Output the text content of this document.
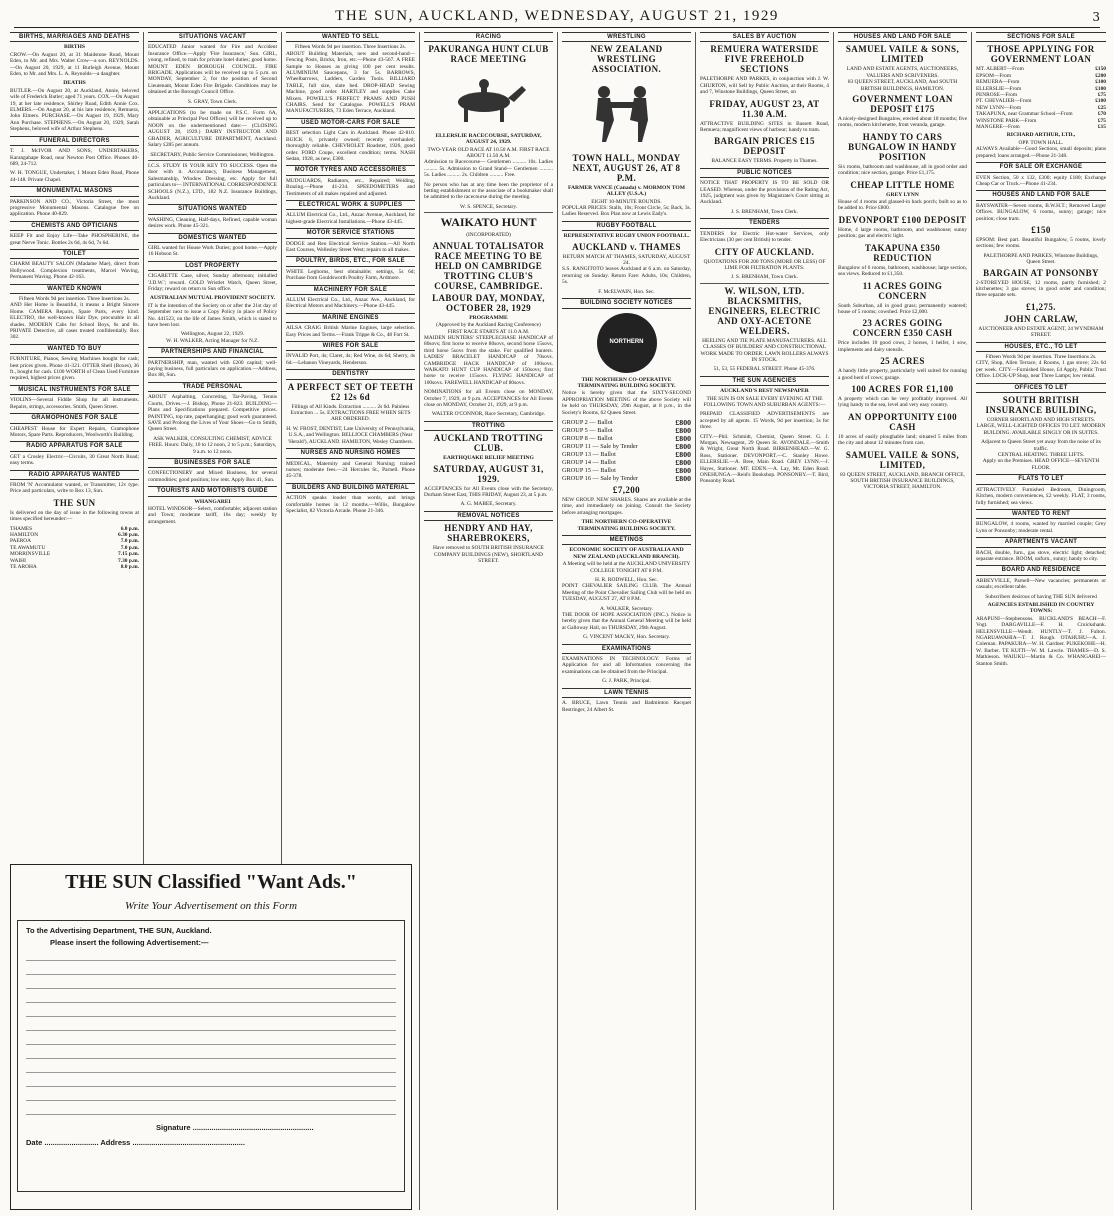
THE SUN, AUCKLAND, WEDNESDAY, AUGUST 21, 1929	3
BIRTHS, MARRIAGES AND DEATHS
BIRTHS
CROW.—On August 20, at 31 Maidstone Road, Mount Eden, to Mr. and Mrs. Walter Crow—a son. REYNOLDS.—On August 20, 1929, at 11 Burleigh Avenue, Mount Eden, to Mr. and Mrs. L. A. Reynolds—a daughter.
DEATHS
BUTLER.—On August 20, at Auckland, Annie, beloved wife of Frederick Butler; aged 71 years. COX.—On August 19, at her late residence, Shirley Road, Edith Annie Cox. ELMERS.—On August 20, at his late residence, Remuera, John Elmers. PURCHASE.—On August 19, 1929, Mary Ann Purchase. STEPHENS.—On August 20, 1929, Sarah Stephens, beloved wife of Arthur Stephens.
FUNERAL DIRECTORS
T. J. McIVOR AND SONS, UNDERTAKERS, Karangahape Road, near Newton Post Office. Phones 40-689, 24-712.
W. H. TONGUE, Undertaker, 1 Mount Eden Road, Phone 44-148. Private Chapel.
MONUMENTAL MASONS
PARKINSON AND CO., Victoria Street, the most progressive Monumental Masons. Catalogue free on application. Phone 40-829.
CHEMISTS AND OPTICIANS
KEEP Fit and Enjoy Life—Take PHOSPHERINE, the great Nerve Tonic. Bottles 2s 6d, 4s 6d, 7s 6d.
TOILET
CHARM BEAUTY SALON (Madame Mae), direct from Hollywood. Complexion treatments, Marcel Waving, Permanent Waving. Phone 42-163.
WANTED KNOWN
Fifteen Words 9d per insertion. Three Insertions 2s.
AND Her Home is Beautiful, it means a Bright Sincere Home. CAMERA Repairs, Spare Parts, every kind. ELECTRO, the well-known Hair Dye, procurable in all shades. MODERN Cabs for School Boys, 6s and 8s. PRIVATE Detective, all cases treated confidentially. Box 302.
WANTED TO BUY
FURNITURE, Pianos, Sewing Machines bought for cash; best prices given. Phone 41-321. OTTER Shell (Boxes), 36 ft., bought for cash. £100 WORTH of Clean Used Furniture required, highest prices given.
MUSICAL INSTRUMENTS FOR SALE
VIOLINS—Several Fiddle Shop for all instruments. Repairs, strings, accessories. Smith, Queen Street.
GRAMOPHONES FOR SALE
CHEAPEST House for Expert Repairs, Gramophone Motors, Spare Parts. Reproducers, Woolworth's Building.
RADIO APPARATUS FOR SALE
GET a Crosley Electric—Circuits, 30 Great North Road; easy terms.
RADIO APPARATUS WANTED
FROM 'N' Accumulator wanted, or Transmitter, 12v type. Price and particulars, write to Box 13, Sun.
THE SUN
Is delivered on the day of issue in the following towns at times specified hereunder:—
THAMES	6.0 p.m.
HAMILTON	6.30 p.m.
PAEROA	7.0 p.m.
TE AWAMUTU	7.0 p.m.
MORRINSVILLE	7.15 p.m.
WAIHI	7.30 p.m.
TE AROHA	8.0 p.m.
SITUATIONS VACANT
EDUCATED Junior wanted for Fire and Accident Insurance Office.—Apply 'Fire Insurance,' Sun. GIRL, young, refined, to train for private hotel duties; good home. MOUNT EDEN BOROUGH COUNCIL. FIRE BRIGADE. Applications will be received up to 5 p.m. on MONDAY, September 2, for the position of Second Lieutenant, Mount Eden Fire Brigade. Conditions may be obtained at the Borough Council Office.
S. GRAY, Town Clerk.
APPLICATIONS (to be made on P.S.C. Form 6A, obtainable at Principal Post Offices) will be received up to NOON on the undermentioned date:— (CLOSING AUGUST 28, 1929.) DAIRY INSTRUCTOR AND GRADER, AGRICULTURE DEPARTMENT, Auckland. Salary £285 per annum.
SECRETARY, Public Service Commissioner, Wellington.
I.C.S. STUDY IS YOUR KEY TO SUCCESS. Open the door with it. Accountancy, Business Management, Salesmanship, Window Dressing, etc. Apply for full particulars to— INTERNATIONAL CORRESPONDENCE SCHOOLS (N.Z.), LTD., 182 N.Z. Insurance Buildings, Auckland.
SITUATIONS WANTED
WASHING, Cleaning, Half-days, Refined, capable woman desires work. Phone 45-321.
DOMESTICS WANTED
GIRL wanted for House Work Duties; good home.—Apply 16 Hobson St.
LOST PROPERTY
CIGARETTE Case, silver, Sunday afternoon; initialled 'J.D.W.'; reward. GOLD Wristlet Watch, Queen Street, Friday; reward on return to Sun office.
AUSTRALIAN MUTUAL PROVIDENT SOCIETY.
IT is the intention of the Society on or after the 21st day of September next to issue a Copy Policy in place of Policy No. 441523, on the life of James Smith, which is stated to have been lost.
Wellington, August 22, 1929.
W. H. WALKER, Acting Manager for N.Z.
PARTNERSHIPS AND FINANCIAL
PARTNERSHIP, man, wanted with £200 capital; well-paying business, full particulars on application.—Address, Box 88, Sun.
TRADE PERSONAL
ABOUT Asphalting, Concreting, Tar-Paving, Tennis Courts, Drives.—J. Bishop, Phone 21-823. BUILDING—Plans and Specifications prepared. Competitive prices. PAINTING, top rate, paperhanging; good work guaranteed. SAVE and Prolong the Lives of Your Shoes—Go to Smith, Queen Street.
ASK WALKER, CONSULTING CHEMIST, ADVICE FREE. Hours: Daily, 10 to 12 noon, 2 to 5 p.m.; Saturdays, 9 a.m. to 12 noon.
BUSINESSES FOR SALE
CONFECTIONERY and Mixed Business, for several commodities; good position; low rent. Apply Box 41, Sun.
TOURISTS AND MOTORISTS GUIDE
WHANGAREI
HOTEL WINDSOR—Select, comfortable; adjacent station and Town; moderate tariff, 16s day; weekly by arrangement.
WANTED TO SELL
Fifteen Words 9d per insertion. Three Insertions 2s.
ABOUT Building Materials, new and second-hand—Fencing Posts, Bricks, Iron, etc.—Phone 43-567. A FREE Sample to Houses as giving 100 per cent results. ALUMINIUM Saucepans, 3 for 5s. BARROWS, Wheelbarrows, Ladders, Garden Tools. BILLIARD TABLE, full size, slate bed. DROP-HEAD Sewing Machine, good order. HARTLEY and supplies Cake Mixers. POWELL'S PERFECT PRAMS AND PUSH CHAIRS. Send for Catalogue. POWELL'S PRAM MANUFACTURERS, 73 Eden Terrace, Auckland.
USED MOTOR-CARS FOR SALE
BEST selection Light Cars in Auckland. Phone 42-810. BUICK 6, privately owned; recently overhauled; thoroughly reliable. CHEVROLET Roadster, 1926, good order. FORD Coupe, excellent condition; terms. NASH Sedan, 1928, as new, £300.
MOTOR TYRES AND ACCESSORIES
MUDGUARDS, Radiators, etc., Repaired; Welding, Brazing.—Phone 41-234. SPEEDOMETERS and Testimeters of all makes repaired and adjusted.
ELECTRICAL WORK & SUPPLIES
ALLUM Electrical Co., Ltd., Anzac Avenue, Auckland, for highest-grade Electrical Installations.—Phone 43-445.
MOTOR SERVICE STATIONS
DODGE and Reo Electrical Service Station.—All North East Courses, Wellesley Street West; repairs to all makes.
POULTRY, BIRDS, ETC., FOR SALE
WHITE Leghorns, best obtainable; settings, 5s 6d; Purchase from Gouldsworth Poultry Farm, Ardmore.
MACHINERY FOR SALE
ALLUM Electrical Co., Ltd., Anzac Ave., Auckland, for Electrical Motors and Machinery.—Phone 43-445.
MARINE ENGINES
AILSA CRAIG British Marine Engines, large selection. Easy Prices and Terms.—Frank Trippe & Co., 48 Fort St.
WIRES FOR SALE
INVALID Port, 4s; Claret, 4s; Red Wine, 4s 6d; Sherry, 4s 6d.—Lebanon Vineyards, Henderson.
DENTISTRY
A PERFECT SET OF TEETH £2 12s 6d
Fillings of All Kinds. Extraction .......... 2s 6d. Painless Extraction ... 5s. EXTRACTIONS FREE WHEN SETS ARE ORDERED.
H. W. FROST, DENTIST, Late University of Pennsylvania, U.S.A., and Wellington. BELLIOCE CHAMBERS (Near 'Herald'), AUCKLAND. HAMILTON, Wesley Chambers.
NURSES AND NURSING HOMES
MEDICAL, Maternity and General Nursing; trained nurses; moderate fees.—24 Hercules St., Parnell. Phone 45-378.
BUILDERS AND BUILDING MATERIAL
ACTION speaks louder than words, and brings comfortable homes in 12 months.—Willis, Bungalow Specialist, 82 Victoria Arcade. Phone 21-346.
RACING
PAKURANGA HUNT CLUB RACE MEETING
ELLERSLIE RACECOURSE, SATURDAY, AUGUST 24, 1929.
TWO-YEAR OLD RACE AT 10.50 A.M. FIRST RACE ABOUT 11.50 A.M.
Admission to Racecourse— Gentlemen .......... 10s. Ladies .......... 5s. Admission to Grand Stand— Gentlemen .......... 5s. Ladies .......... 2s. Children .......... Free.
No person who has at any time been the proprietor of a betting establishment or the associate of a bookmaker shall be admitted to the racecourse during the meeting.
W. S. SPENCE, Secretary.
WAIKATO HUNT
(INCORPORATED)
ANNUAL TOTALISATOR RACE MEETING TO BE HELD ON CAMBRIDGE TROTTING CLUB'S COURSE, CAMBRIDGE.
LABOUR DAY, MONDAY, OCTOBER 28, 1929
PROGRAMME
(Approved by the Auckland Racing Conference)
FIRST RACE STARTS AT 11.0 A.M.
MAIDEN HUNTERS' STEEPLECHASE HANDICAP of 80sovs; first horse to receive 80sovs, second horse 15sovs, third horse 5sovs from the stake. For qualified hunters. LADIES' BRACELET HANDICAP of 70sovs. CAMBRIDGE HACK HANDICAP of 100sovs. WAIKATO HUNT CUP HANDICAP of 150sovs; first horse to receive 115sovs. FLYING HANDICAP of 100sovs. FAREWELL HANDICAP of 80sovs.
NOMINATIONS for all Events close on MONDAY, October 7, 1929, at 9 p.m. ACCEPTANCES for All Events close on MONDAY, October 21, 1929, at 9 p.m.
WALTER O'CONNOR, Race Secretary, Cambridge.
TROTTING
AUCKLAND TROTTING CLUB.
EARTHQUAKE RELIEF MEETING
SATURDAY, AUGUST 31, 1929.
ACCEPTANCES for All Events close with the Secretary, Durham Street East, THIS FRIDAY, August 23, at 5 p.m.
A. G. MABEE, Secretary.
REMOVAL NOTICES
HENDRY AND HAY, SHAREBROKERS,
Have removed to SOUTH BRITISH INSURANCE COMPANY BUILDINGS (NEW), SHORTLAND STREET.
WRESTLING
NEW ZEALAND WRESTLING ASSOCIATION.
TOWN HALL, MONDAY NEXT, AUGUST 26, AT 8 P.M.
FARMER VANCE (Canada) v. MORMON TOM ALLEY (U.S.A.)
EIGHT 10-MINUTE ROUNDS.
POPULAR PRICES: Stalls, 10s; Front Circle, 5s; Back, 3s. Ladies Reserved. Box Plan now at Lewis Eady's.
RUGBY FOOTBALL
REPRESENTATIVE RUGBY UNION FOOTBALL.
AUCKLAND v. THAMES
RETURN MATCH AT THAMES, SATURDAY, AUGUST 24.
S.S. RANGITOTO leaves Auckland at 6 a.m. on Saturday, returning on Sunday. Return Fare: Adults, 10s; Children, 5s.
F. McELWAIN, Hon. Sec.
BUILDING SOCIETY NOTICES
NORTHERN
THE NORTHERN CO-OPERATIVE TERMINATING BUILDING SOCIETY.
Notice is hereby given that the SIXTY-SECOND APPROPRIATION MEETING of the above Society will be held on THURSDAY, 29th August, at 8 p.m., in the Society's Rooms, 62 Queen Street.
GROUP 2 — Ballot	£800
GROUP 5 — Ballot	£800
GROUP 8 — Ballot	£800
GROUP 11 — Sale by Tender	£800
GROUP 13 — Ballot	£800
GROUP 14 — Ballot	£800
GROUP 15 — Ballot	£800
GROUP 16 — Sale by Tender	£800
£7,200
NEW GROUP. NEW SHARES. Shares are available at the time, and immediately on joining. Consult the Society before arranging mortgages.
THE NORTHERN CO-OPERATIVE TERMINATING BUILDING SOCIETY.
MEETINGS
ECONOMIC SOCIETY OF AUSTRALIA AND NEW ZEALAND (AUCKLAND BRANCH).
A Meeting will be held at the AUCKLAND UNIVERSITY COLLEGE TONIGHT AT 8 P.M.
H. R. RODWELL, Hon. Sec.
POINT CHEVALIER SAILING CLUB. The Annual Meeting of the Point Chevalier Sailing Club will be held on TUESDAY, AUGUST 27, AT 8 P.M.
A. WALKER, Secretary.
THE DOOR OF HOPE ASSOCIATION (INC.). Notice is hereby given that the Annual General Meeting will be held at Galloway Hall, on THURSDAY, 29th August.
G. VINCENT MACKY, Hon. Secretary.
EXAMINATIONS
EXAMINATIONS IN TECHNOLOGY. Forms of Application for and all Information concerning the examinations can be obtained from the Principal.
G. J. PARK, Principal.
LAWN TENNIS
A. BRUCE, Lawn Tennis and Badminton Racquet Restringer, 24 Albert St.
SALES BY AUCTION
REMUERA WATERSIDE FIVE FREEHOLD SECTIONS
PALETHORPE AND PARKES, in conjunction with J. W. CHURTON, will Sell by Public Auction, at their Rooms, 4 and 7, Winstone Buildings, Queen Street, on
FRIDAY, AUGUST 23, AT 11.30 A.M.
ATTRACTIVE BUILDING SITES in Bassett Road, Remuera; magnificent views of harbour; handy to tram.
BARGAIN PRICES £15 DEPOSIT
BALANCE EASY TERMS. Property in Thames.
PUBLIC NOTICES
NOTICE THAT PROPERTY IS TO BE SOLD OR LEASED. Whereas, under the provisions of the Rating Act, 1925, judgment was given by Magistrate's Court sitting at Auckland.
J. S. BRENHAM, Town Clerk.
TENDERS
TENDERS for Electric Hot-water Services, only Electricians (30 per cent British) to tender.
CITY OF AUCKLAND.
QUOTATIONS FOR 200 TONS (MORE OR LESS) OF LIME FOR FILTRATION PLANTS.
J. S. BRENHAM, Town Clerk.
W. WILSON, LTD. BLACKSMITHS, ENGINEERS, ELECTRIC AND OXY-ACETONE WELDERS.
HEELING AND TIE PLATE MANUFACTURERS. ALL CLASSES OF BUILDERS' AND CONSTRUCTIONAL WORK MADE TO ORDER. LAWN ROLLERS ALWAYS IN STOCK.
51, 53, 55 FEDERAL STREET. Phone 45-376.
THE SUN AGENCIES
AUCKLAND'S BEST NEWSPAPER
THE SUN IS ON SALE EVERY EVENING AT THE FOLLOWING TOWN AND SUBURBAN AGENTS:—
PREPAID CLASSIFIED ADVERTISEMENTS are accepted by all agents. 15 Words, 9d per insertion; 3s for three.
CITY.—Phil. Schmidt, Chemist, Queen Street. G. J. Morgan, Newsagent, 29 Queen St. AVONDALE.—Smith & Wright, Great North Road. BIRKENHEAD.—W. G. Ross, Stationer. DEVONPORT.—C. Stanley Howe. ELLERSLIE.—A. Bree, Main Road. GREY LYNN.—J. Hayes, Stationer. MT. EDEN.—A. Lay, Mt. Eden Road. ONEHUNGA.—Reid's Bookshop. PONSONBY.—T. Bird, Ponsonby Road.
HOUSES AND LAND FOR SALE
SAMUEL VAILE & SONS, LIMITED
LAND AND ESTATE AGENTS, AUCTIONEERS, VALUERS AND SCRIVENERS.
83 QUEEN STREET, AUCKLAND, And SOUTH BRITISH BUILDINGS, HAMILTON.
GOVERNMENT LOAN DEPOSIT £175
A nicely-designed Bungalow, erected about 18 months; five rooms, modern kitchenette, front veranda, garage.
HANDY TO CARS BUNGALOW IN HANDY POSITION
Six rooms, bathroom and washhouse, all in good order and condition; nice section, garage. Price £1,175.
CHEAP LITTLE HOME
GREY LYNN
House of 4 rooms and glassed-in back porch; built so as to be added to. Price £800.
DEVONPORT £100 DEPOSIT
Home, 4 large rooms, bathroom, and washhouse; sunny position; gas and electric light.
TAKAPUNA £350 REDUCTION
Bungalow of 6 rooms, bathroom, washhouse; large section, sea views. Reduced to £1,350.
11 ACRES GOING CONCERN
South Suburban, all in good grass; permanently watered; house of 5 rooms; cowshed. Price £2,000.
23 ACRES GOING CONCERN £350 CASH
Price includes 10 good cows, 2 horses, 1 heifer, 1 sow, implements and dairy utensils.
25 ACRES
A handy little property, particularly well suited for running a good herd of cows; garage.
100 ACRES FOR £1,100
A property which can be very profitably improved. All lying handy to the sea, level and very easy country.
AN OPPORTUNITY £100 CASH
10 acres of easily ploughable land; situated 5 miles from the city and about 12 minutes from cars.
SAMUEL VAILE & SONS, LIMITED,
83 QUEEN STREET, AUCKLAND, BRANCH OFFICE, SOUTH BRITISH INSURANCE BUILDINGS, VICTORIA STREET, HAMILTON.
SECTIONS FOR SALE
THOSE APPLYING FOR GOVERNMENT LOAN
MT. ALBERT—From	£150
EPSOM—From	£200
REMUERA—From	£100
ELLERSLIE—From	£100
PENROSE—From	£75
PT. CHEVALIER—From	£100
NEW LYNN—From	£25
TAKAPUNA, near Grammar School—From	£70
WINSTONE PARK—From	£75
MANGERE—From	£15
RICHARD ARTHUR, LTD.,
OPP. TOWN HALL.
ALWAYS Available—Good Sections, small deposits; plans prepared; loans arranged.—Phone 21-348.
FOR SALE OR EXCHANGE
EVEN Section, 50 x 132, £300; equity £180; Exchange Cheap Car or Truck.—Phone 41-234.
HOUSES AND LAND FOR SALE
BAYSWATER—Seven rooms, B.W.H.T.; Removed Larger Offices. BUNGALOW, 6 rooms, sunny; garage; nice position; close tram.
£150
EPSOM: Best part. Beautiful Bungalow, 5 rooms, lovely sections; few rooms.
PALETHORPE AND PARKES, Winstone Buildings, Queen Street.
BARGAIN AT PONSONBY
2-STOREYED HOUSE, 12 rooms, partly furnished; 2 kitchenettes; 3 gas stoves; in good order and condition; three separate sets.
£1,275.
JOHN CARLAW,
AUCTIONEER AND ESTATE AGENT, 24 WYNDHAM STREET.
HOUSES, ETC., TO LET
Fifteen Words 9d per insertion. Three Insertions 2s.
CITY, Shop, Allen Terrace, 4 Rooms, 1 gas stove; 22s 6d per week. CITY—Furnished House, £4 Apply, Public Trust Office. LOCK-UP Shop, near Three Lamps; low rental.
OFFICES TO LET
SOUTH BRITISH INSURANCE BUILDING,
CORNER SHORTLAND AND HIGH STREETS.
LARGE, WELL-LIGHTED OFFICES TO LET. MODERN BUILDING. AVAILABLE SINGLY OR IN SUITES.
Adjacent to Queen Street yet away from the noise of its traffic.
CENTRAL HEATING. THREE LIFTS.
Apply on the Premises. HEAD OFFICE—SEVENTH FLOOR.
FLATS TO LET
ATTRACTIVELY Furnished Bedroom, Diningroom, Kitchen, modern conveniences, £2 weekly. FLAT, 3 rooms, fully furnished; sea views.
WANTED TO RENT
BUNGALOW, 4 rooms, wanted by married couple; Grey Lynn or Ponsonby; moderate rental.
APARTMENTS VACANT
BACH, double, furn., gas stove, electric light; detached; separate entrance. ROOM, unfurn., sunny; handy to city.
BOARD AND RESIDENCE
ABBEYVILLE, Parnell—New vacancies; permanents or casuals; excellent table.
Subscribers desirous of having THE SUN delivered
AGENCIES ESTABLISHED IN COUNTRY TOWNS:
ARAPUNI—Stephensons. BUCKLAND'S BEACH—F. Vogt. DARGAVILLE—F. H. Cruickshank. HELENSVILLE—Wendt. HUNTLY—T. J. Fulton. NGARUAWAHIA—T. J. Rough. OTAHUHU—A. J. Coleman. PAPAKURA—W. H. Gardner. PUKEKOHE—H. W. Barber. TE KUITI—W. M. Lawrie. THAMES—D. S. Mathieson. WAIUKU—Martin & Co. WHANGAREI—Stanton Smith.
THE SUN Classified "Want Ads."
Write Your Advertisement on this Form
To the Advertising Department, THE SUN, Auckland.
Please insert the following Advertisement:—
Signature ..........................................................
Date .......................... Address ......................................................
